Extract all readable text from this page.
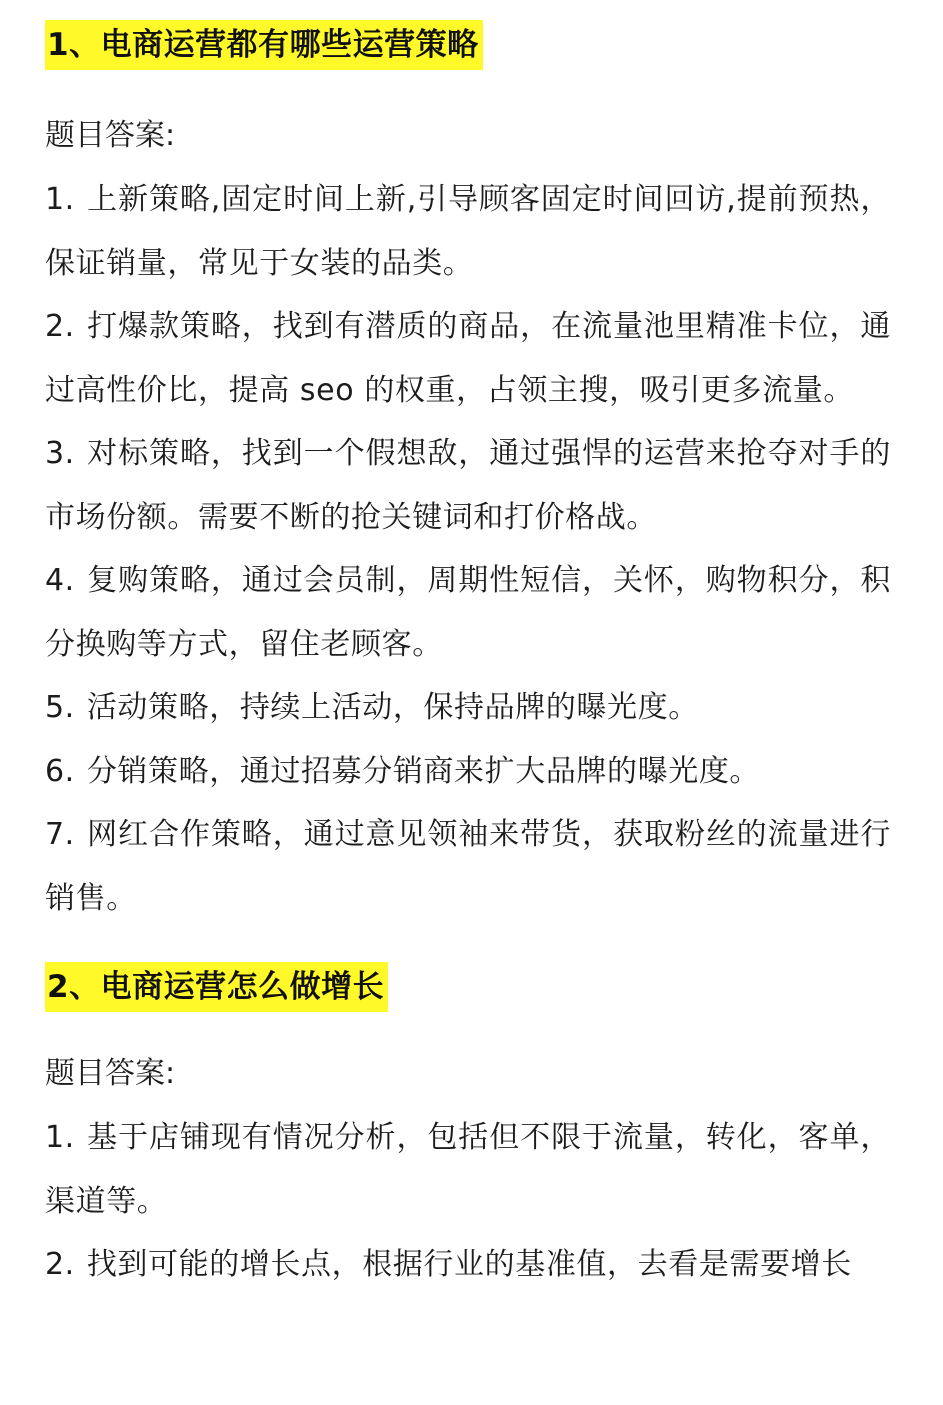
1、电商运营都有哪些运营策略
题目答案:
1. 上新策略,固定时间上新,引导顾客固定时间回访,提前预热，保证销量，常见于女装的品类。
2. 打爆款策略，找到有潜质的商品，在流量池里精准卡位，通过高性价比，提高 seo 的权重，占领主搜，吸引更多流量。
3. 对标策略，找到一个假想敌，通过强悍的运营来抢夺对手的市场份额。需要不断的抢关键词和打价格战。
4. 复购策略，通过会员制，周期性短信，关怀，购物积分，积分换购等方式，留住老顾客。
5. 活动策略，持续上活动，保持品牌的曝光度。
6. 分销策略，通过招募分销商来扩大品牌的曝光度。
7. 网红合作策略，通过意见领袖来带货，获取粉丝的流量进行销售。
2、电商运营怎么做增长
题目答案:
1. 基于店铺现有情况分析，包括但不限于流量，转化，客单，渠道等。
2. 找到可能的增长点，根据行业的基准值，去看是需要增长
